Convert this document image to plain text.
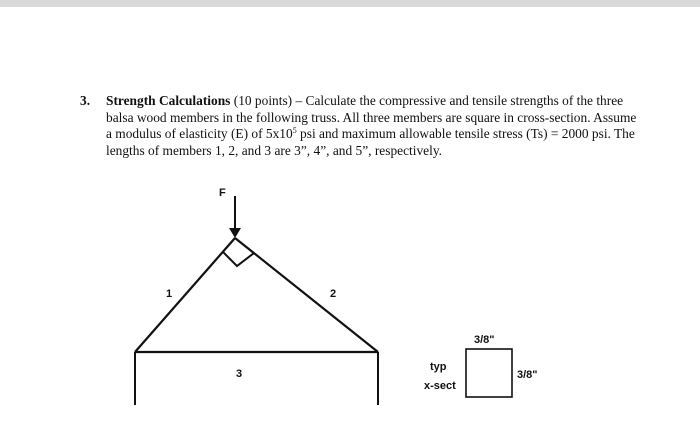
3. Strength Calculations (10 points) – Calculate the compressive and tensile strengths of the three balsa wood members in the following truss. All three members are square in cross-section. Assume a modulus of elasticity (E) of $5x10^5$ psi and maximum allowable tensile stress (Ts) = 2000 psi. The lengths of members 1, 2, and 3 are 3”, 4”, and 5”, respectively.
F
1	2
3
typ
x-sect
3/8"
3/8"
